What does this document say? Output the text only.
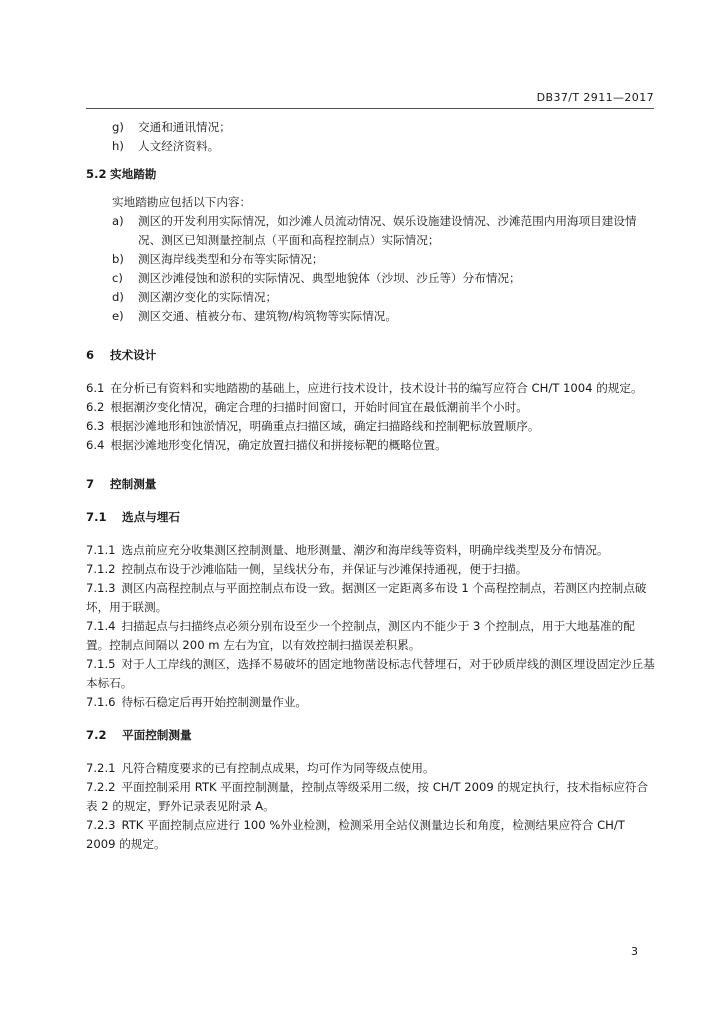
DB37/T 2911—2017
g) 交通和通讯情况；
h) 人文经济资料。
5.2 实地踏勘
实地踏勘应包括以下内容：
a) 测区的开发利用实际情况，如沙滩人员流动情况、娱乐设施建设情况、沙滩范围内用海项目建设情况、测区已知测量控制点（平面和高程控制点）实际情况；
b) 测区海岸线类型和分布等实际情况；
c) 测区沙滩侵蚀和淤积的实际情况、典型地貌体（沙坝、沙丘等）分布情况；
d) 测区潮汐变化的实际情况；
e) 测区交通、植被分布、建筑物/构筑物等实际情况。
6 技术设计
6.1 在分析已有资料和实地踏勘的基础上，应进行技术设计，技术设计书的编写应符合 CH/T 1004 的规定。
6.2 根据潮汐变化情况，确定合理的扫描时间窗口，开始时间宜在最低潮前半个小时。
6.3 根据沙滩地形和蚀淤情况，明确重点扫描区域，确定扫描路线和控制靶标放置顺序。
6.4 根据沙滩地形变化情况，确定放置扫描仪和拼接标靶的概略位置。
7 控制测量
7.1 选点与埋石
7.1.1 选点前应充分收集测区控制测量、地形测量、潮汐和海岸线等资料，明确岸线类型及分布情况。
7.1.2 控制点布设于沙滩临陆一侧，呈线状分布，并保证与沙滩保持通视，便于扫描。
7.1.3 测区内高程控制点与平面控制点布设一致。据测区一定距离多布设 1 个高程控制点，若测区内控制点破坏，用于联测。
7.1.4 扫描起点与扫描终点必须分别布设至少一个控制点，测区内不能少于 3 个控制点，用于大地基准的配置。控制点间隔以 200 m 左右为宜，以有效控制扫描误差积累。
7.1.5 对于人工岸线的测区，选择不易破坏的固定地物凿设标志代替埋石，对于砂质岸线的测区埋设固定沙丘基本标石。
7.1.6 待标石稳定后再开始控制测量作业。
7.2 平面控制测量
7.2.1 凡符合精度要求的已有控制点成果，均可作为同等级点使用。
7.2.2 平面控制采用 RTK 平面控制测量，控制点等级采用二级，按 CH/T 2009 的规定执行，技术指标应符合表 2 的规定，野外记录表见附录 A。
7.2.3 RTK 平面控制点应进行 100 %外业检测，检测采用全站仪测量边长和角度，检测结果应符合 CH/T 2009 的规定。
3
